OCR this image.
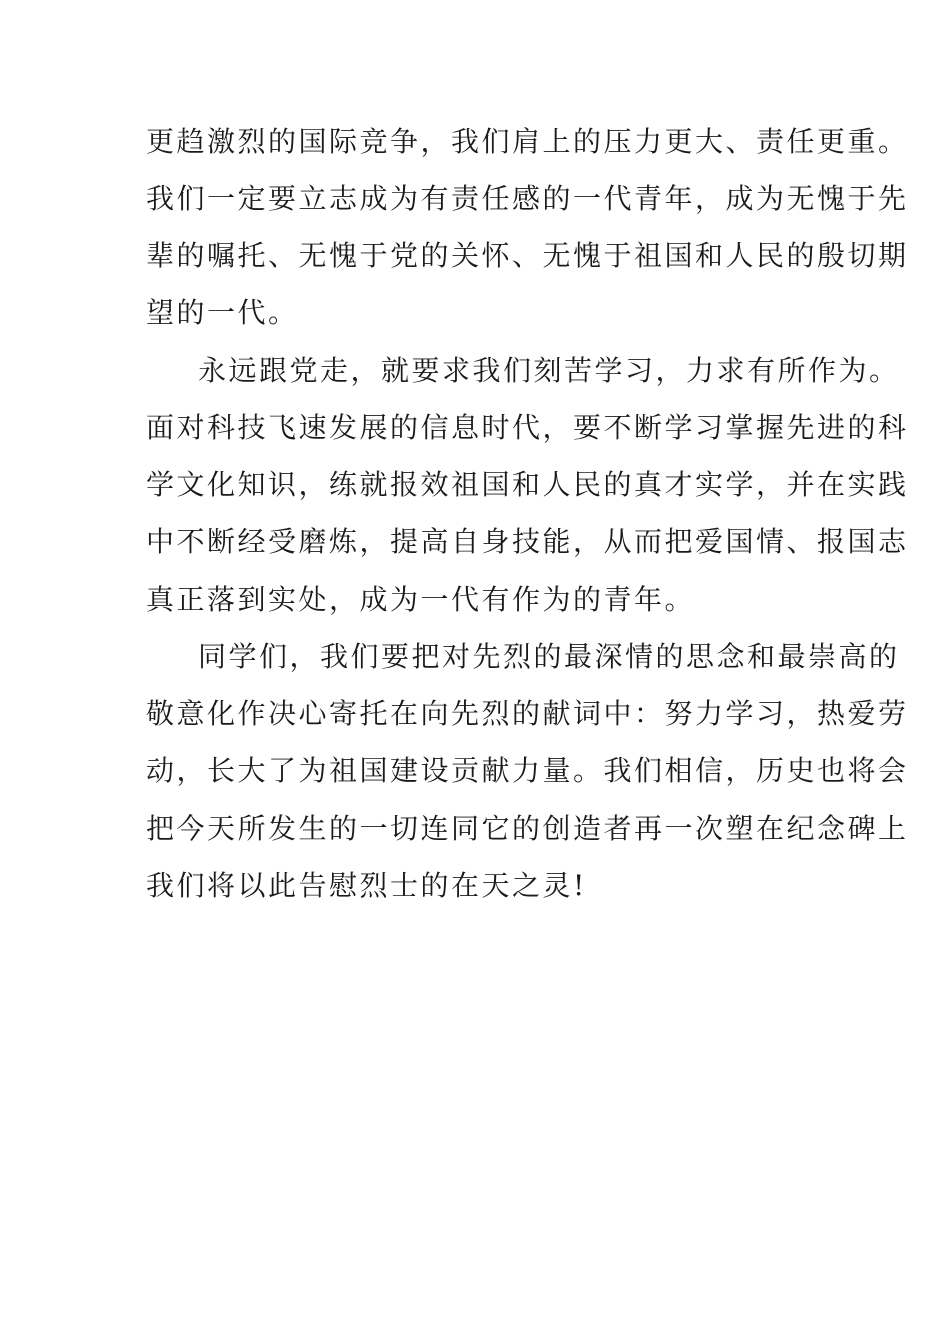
更趋激烈的国际竞争，我们肩上的压力更大、责任更重。
我们一定要立志成为有责任感的一代青年，成为无愧于先
辈的嘱托、无愧于党的关怀、无愧于祖国和人民的殷切期
望的一代。
永远跟党走，就要求我们刻苦学习，力求有所作为。
面对科技飞速发展的信息时代，要不断学习掌握先进的科
学文化知识，练就报效祖国和人民的真才实学，并在实践
中不断经受磨炼，提高自身技能，从而把爱国情、报国志
真正落到实处，成为一代有作为的青年。
同学们，我们要把对先烈的最深情的思念和最崇高的
敬意化作决心寄托在向先烈的献词中：努力学习，热爱劳
动，长大了为祖国建设贡献力量。我们相信，历史也将会
把今天所发生的一切连同它的创造者再一次塑在纪念碑上
我们将以此告慰烈士的在天之灵!
